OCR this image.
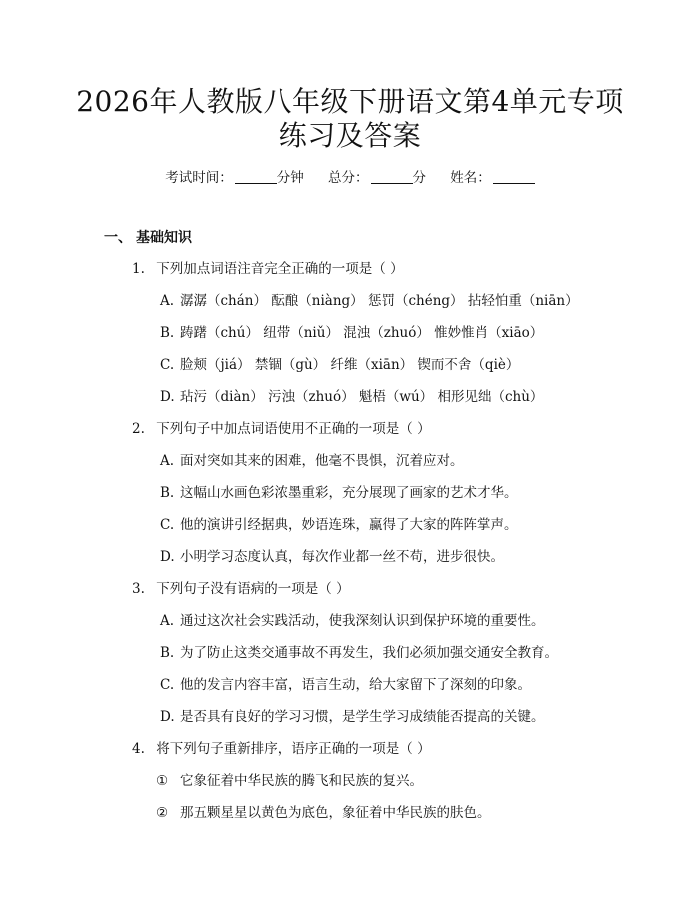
2026年人教版八年级下册语文第4单元专项
练习及答案
考试时间：	分钟 总分：	分 姓名：
一、 基础知识
1. 下列加点词语注音完全正确的一项是（ ）
A. 潺潺（chán） 酝酿（niàng） 惩罚（chéng） 拈轻怕重（niān）
B. 踌躇（chú） 纽带（niǔ） 混浊（zhuó） 惟妙惟肖（xiāo）
C. 脸颊（jiá） 禁锢（gù） 纤维（xiān） 锲而不舍（qiè）
D. 玷污（diàn） 污浊（zhuó） 魁梧（wú） 相形见绌（chù）
2. 下列句子中加点词语使用不正确的一项是（ ）
A. 面对突如其来的困难，他毫不畏惧，沉着应对。
B. 这幅山水画色彩浓墨重彩，充分展现了画家的艺术才华。
C. 他的演讲引经据典，妙语连珠，赢得了大家的阵阵掌声。
D. 小明学习态度认真，每次作业都一丝不苟，进步很快。
3. 下列句子没有语病的一项是（ ）
A. 通过这次社会实践活动，使我深刻认识到保护环境的重要性。
B. 为了防止这类交通事故不再发生，我们必须加强交通安全教育。
C. 他的发言内容丰富，语言生动，给大家留下了深刻的印象。
D. 是否具有良好的学习习惯，是学生学习成绩能否提高的关键。
4. 将下列句子重新排序，语序正确的一项是（ ）
① 它象征着中华民族的腾飞和民族的复兴。
② 那五颗星星以黄色为底色，象征着中华民族的肤色。
